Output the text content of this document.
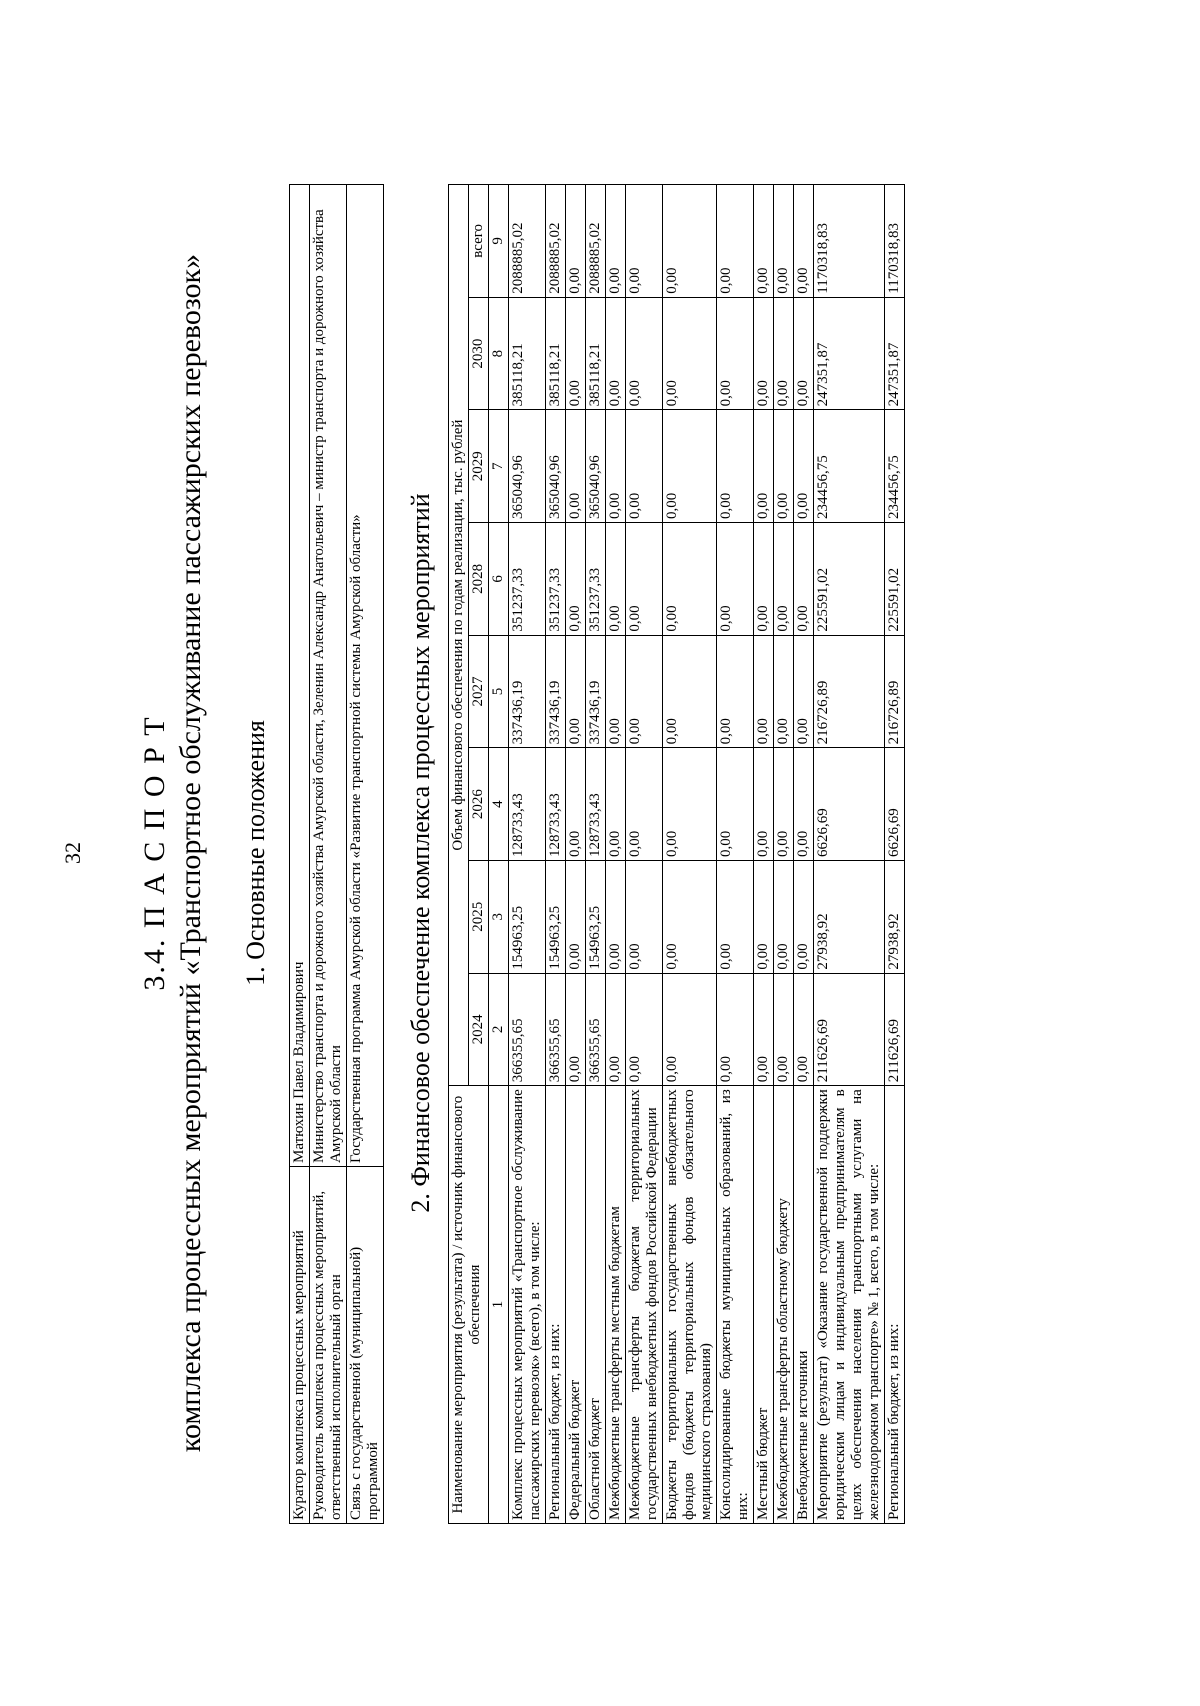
32 3.4. П А С П О Р Т комплекса процессных мероприятий «Транспортное обслуживание пассажирских перевозок» 1. Основные положения
Куратор комплекса процессных мероприятий	Матюхин Павел Владимирович
Руководитель комплекса процессных мероприятий, ответственный исполнительный орган	Министерство транспорта и дорожного хозяйства Амурской области, Зеленин Александр Анатольевич – министр транспорта и дорожного хозяйства Амурской области
Связь с государственной (муниципальной) программой	Государственная программа Амурской области «Развитие транспортной системы Амурской области» 2. Финансовое обеспечение комплекса процессных мероприятий
Наименование мероприятия (результата) / источник финансового обеспечения	Объем финансового обеспечения по годам реализации, тыс. рублей							
	2024	2025	2026	2027	2028	2029	2030	всего
1	2	3	4	5	6	7	8	9
Комплекс процессных мероприятий «Транспортное обслуживание пассажирских перевозок» (всего), в том числе:	366355,65	154963,25	128733,43	337436,19	351237,33	365040,96	385118,21	2088885,02
Региональный бюджет, из них:	366355,65	154963,25	128733,43	337436,19	351237,33	365040,96	385118,21	2088885,02
Федеральный бюджет	0,00	0,00	0,00	0,00	0,00	0,00	0,00	0,00
Областной бюджет	366355,65	154963,25	128733,43	337436,19	351237,33	365040,96	385118,21	2088885,02
Межбюджетные трансферты местным бюджетам	0,00	0,00	0,00	0,00	0,00	0,00	0,00	0,00
Межбюджетные трансферты бюджетам территориальных государственных внебюджетных фондов Российской Федерации	0,00	0,00	0,00	0,00	0,00	0,00	0,00	0,00
Бюджеты территориальных государственных внебюджетных фондов (бюджеты территориальных фондов обязательного медицинского страхования)	0,00	0,00	0,00	0,00	0,00	0,00	0,00	0,00
Консолидированные бюджеты муниципальных образований, из них:	0,00	0,00	0,00	0,00	0,00	0,00	0,00	0,00
Местный бюджет	0,00	0,00	0,00	0,00	0,00	0,00	0,00	0,00
Межбюджетные трансферты областному бюджету	0,00	0,00	0,00	0,00	0,00	0,00	0,00	0,00
Внебюджетные источники	0,00	0,00	0,00	0,00	0,00	0,00	0,00	0,00
Мероприятие (результат) «Оказание государственной поддержки юридическим лицам и индивидуальным предпринимателям в целях обеспечения населения транспортными услугами на железнодорожном транспорте» № 1, всего, в том числе:	211626,69	27938,92	6626,69	216726,89	225591,02	234456,75	247351,87	1170318,83
Региональный бюджет, из них:	211626,69	27938,92	6626,69	216726,89	225591,02	234456,75	247351,87	1170318,83
